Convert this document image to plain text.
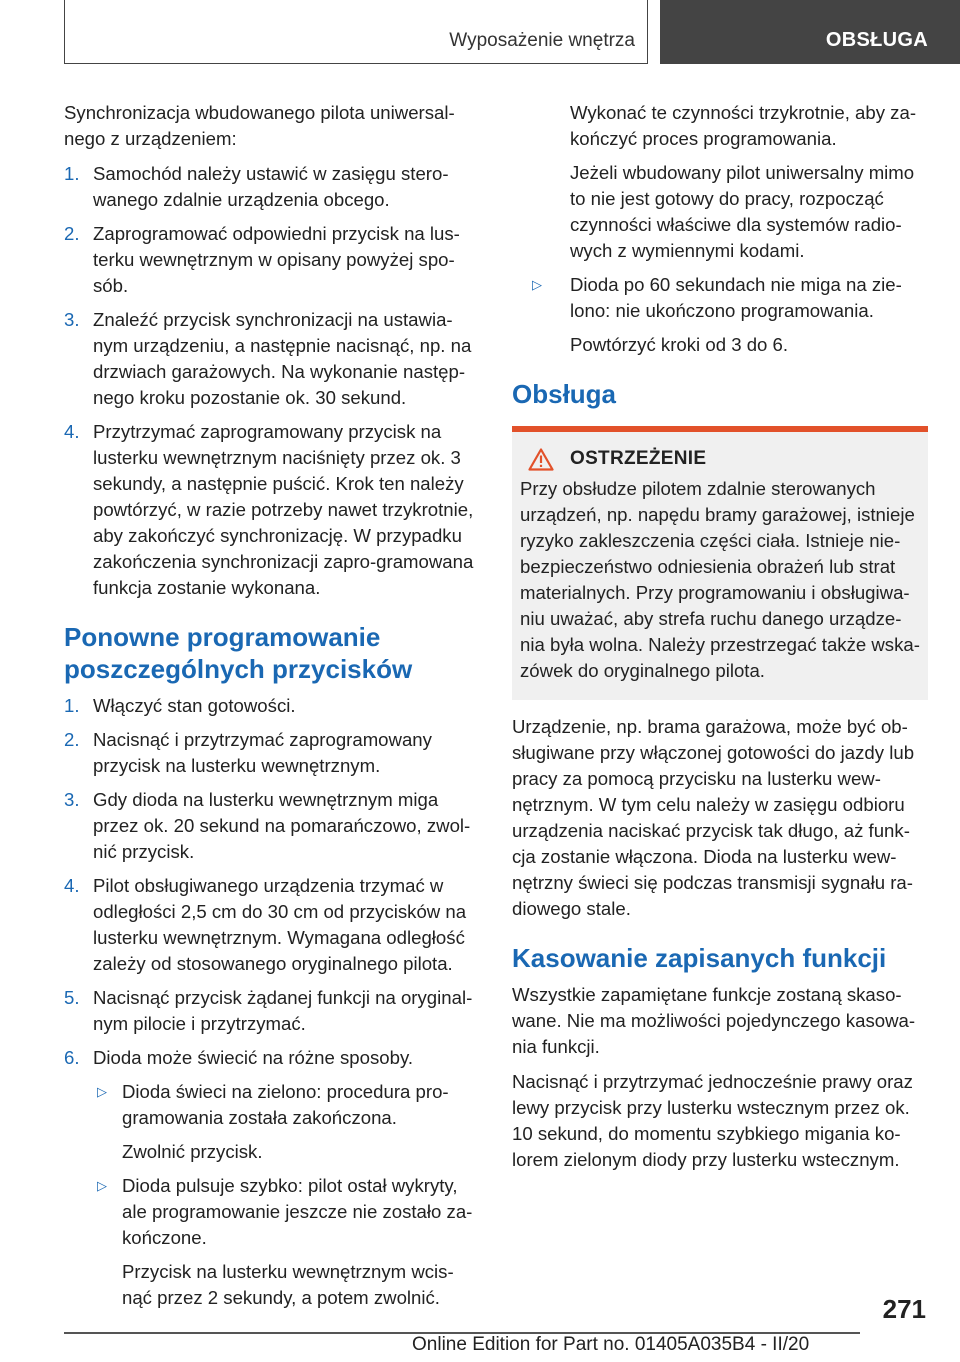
Wyposażenie wnętrza	OBSŁUGA

Synchronizacja wbudowanego pilota uniwersal-nego z urządzeniem:

1. Samochód należy ustawić w zasięgu stero-wanego zdalnie urządzenia obcego.
2. Zaprogramować odpowiedni przycisk na lus-terku wewnętrznym w opisany powyżej spo-sób.
3. Znaleźć przycisk synchronizacji na ustawia-nym urządzeniu, a następnie nacisnąć, np. na drzwiach garażowych. Na wykonanie następ-nego kroku pozostanie ok. 30 sekund.
4. Przytrzymać zaprogramowany przycisk na lusterku wewnętrznym naciśnięty przez ok. 3 sekundy, a następnie puścić. Krok ten należy powtórzyć, w razie potrzeby nawet trzykrotnie, aby zakończyć synchronizację. W przypadku zakończenia synchronizacji zapro-gramowana funkcja zostanie wykonana.
Ponowne programowanie poszczególnych przycisków
1. Włączyć stan gotowości.
2. Nacisnąć i przytrzymać zaprogramowany przycisk na lusterku wewnętrznym.
3. Gdy dioda na lusterku wewnętrznym miga przez ok. 20 sekund na pomarańczowo, zwol-nić przycisk.
4. Pilot obsługiwanego urządzenia trzymać w odległości 2,5 cm do 30 cm od przycisków na lusterku wewnętrznym. Wymagana odległość zależy od stosowanego oryginalnego pilota.
5. Nacisnąć przycisk żądanej funkcji na oryginal-nym pilocie i przytrzymać.
6. Dioda może świecić na różne sposoby.
▷ Dioda świeci na zielono: procedura pro-gramowania została zakończona.
Zwolnić przycisk.
▷ Dioda pulsuje szybko: pilot ostał wykryty, ale programowanie jeszcze nie zostało za-kończone.
Przycisk na lusterku wewnętrznym wcis-nąć przez 2 sekundy, a potem zwolnić.
Wykonać te czynności trzykrotnie, aby za-kończyć proces programowania.
Jeżeli wbudowany pilot uniwersalny mimo to nie jest gotowy do pracy, rozpocząć czynności właściwe dla systemów radio-wych z wymiennymi kodami.
▷ Dioda po 60 sekundach nie miga na zie-lono: nie ukończono programowania.
Powtórzyć kroki od 3 do 6.
Obsługa
OSTRZEŻENIE
Przy obsłudze pilotem zdalnie sterowanych urządzeń, np. napędu bramy garażowej, istnieje ryzyko zakleszczenia części ciała. Istnieje nie-bezpieczeństwo odniesienia obrażeń lub strat materialnych. Przy programowaniu i obsługiwa-niu uważać, aby strefa ruchu danego urządze-nia była wolna. Należy przestrzegać także wska-zówek do oryginalnego pilota.

Urządzenie, np. brama garażowa, może być ob-sługiwane przy włączonej gotowości do jazdy lub pracy za pomocą przycisku na lusterku wew-nętrznym. W tym celu należy w zasięgu odbioru urządzenia naciskać przycisk tak długo, aż funk-cja zostanie włączona. Dioda na lusterku wew-nętrzny świeci się podczas transmisji sygnału ra-diowego stale.

Kasowanie zapisanych funkcji

Wszystkie zapamiętane funkcje zostaną skaso-wane. Nie ma możliwości pojedynczego kasowa-nia funkcji.

Nacisnąć i przytrzymać jednocześnie prawy oraz lewy przycisk przy lusterku wstecznym przez ok. 10 sekund, do momentu szybkiego migania ko-lorem zielonym diody przy lusterku wstecznym.

271
Online Edition for Part no. 01405A035B4 - II/20
